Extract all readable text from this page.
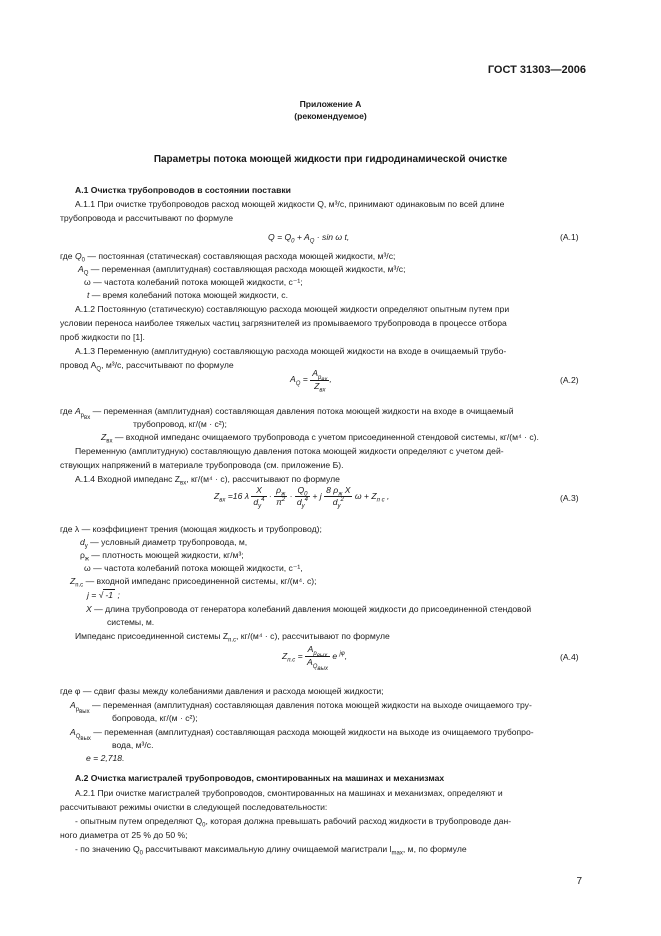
ГОСТ 31303—2006
Приложение А
(рекомендуемое)
Параметры потока моющей жидкости при гидродинамической очистке
А.1 Очистка трубопроводов в состоянии поставки
А.1.1 При очистке трубопроводов расход моющей жидкости Q, м³/с, принимают одинаковым по всей длине
трубопровода и рассчитывают по формуле
$Q = Q_0 + A_Q \cdot \sin \omega$ t,	(А.1)
где $Q_0$ — постоянная (статическая) составляющая расхода моющей жидкости, м³/с;
$A_Q$ — переменная (амплитудная) составляющая расхода моющей жидкости, м³/с;
ω — частота колебаний потока моющей жидкости, с⁻¹;
t — время колебаний потока моющей жидкости, с.
А.1.2 Постоянную (статическую) составляющую расхода моющей жидкости определяют опытным путем при
условии переноса наиболее тяжелых частиц загрязнителей из промываемого трубопровода в процессе отбора
проб жидкости по [1].
А.1.3 Переменную (амплитудную) составляющую расхода моющей жидкости на входе в очищаемый трубо-
провод $A_Q$, м³/с, рассчитывают по формуле
$A_Q = \frac{A_{p_{вх}}}{Z_{вх}}$ ,	(А.2)
где $A_{p_{вх}}$ — переменная (амплитудная) составляющая давления потока моющей жидкости на входе в очищаемый
трубопровод, кг/(м · с²);
$Z_{вх}$ — входной импеданс очищаемого трубопровода с учетом присоединенной стендовой системы, кг/(м⁴ · с).
Переменную (амплитудную) составляющую давления потока моющей жидкости определяют с учетом дей-
ствующих напряжений в материале трубопровода (см. приложение Б).
А.1.4 Входной импеданс $Z_{вх}$, кг/(м⁴ · с), рассчитывают по формуле
$Z_{вх} =16$ λ $\frac{X}{d_y^4} \cdot \frac{\rho_ж}{\pi^2} \cdot \frac{Q_0}{d_y^4} + j \frac{8 \rho_ж X}{d_y^2}$ $\omega + Z_{п с}$ ,	(А.3)
где λ — коэффициент трения (моющая жидкость и трубопровод);
$d_y$ — условный диаметр трубопровода, м,
$\rho_ж$ — плотность моющей жидкости, кг/м³;
ω — частота колебаний потока моющей жидкости, с⁻¹,
$Z_{п.с}$ — входной импеданс присоединенной системы, кг/(м⁴. с);
j = √ -1 ;
X — длина трубопровода от генератора колебаний давления моющей жидкости до присоединенной стендовой
системы, м.
Импеданс присоединенной системы $Z_{п.с}$, кг/(м⁴ · с), рассчитывают по формуле
$Z_{п.с} = \frac{A_{p_{вых}}}{A_{Q_{вых}}}$ e $^{j\varphi}$,	(А.4)
где φ — сдвиг фазы между колебаниями давления и расхода моющей жидкости;
$A_{p_{вых}}$ — переменная (амплитудная) составляющая давления потока моющей жидкости на выходе очищаемого тру-
бопровода, кг/(м · с²);
$A_{Q_{вых}}$ — переменная (амплитудная) составляющая расхода моющей жидкости на выходе из очищаемого трубопро-
вода, м³/с.
e = 2,718.
А.2 Очистка магистралей трубопроводов, смонтированных на машинах и механизмах
А.2.1 При очистке магистралей трубопроводов, смонтированных на машинах и механизмах, определяют и
рассчитывают режимы очистки в следующей последовательности:
- опытным путем определяют $Q_0$, которая должна превышать рабочий расход жидкости в трубопроводе дан-
ного диаметра от 25 % до 50 %;
- по значению $Q_0$ рассчитывают максимальную длину очищаемой магистрали $l_{max}$, м, по формуле
7
